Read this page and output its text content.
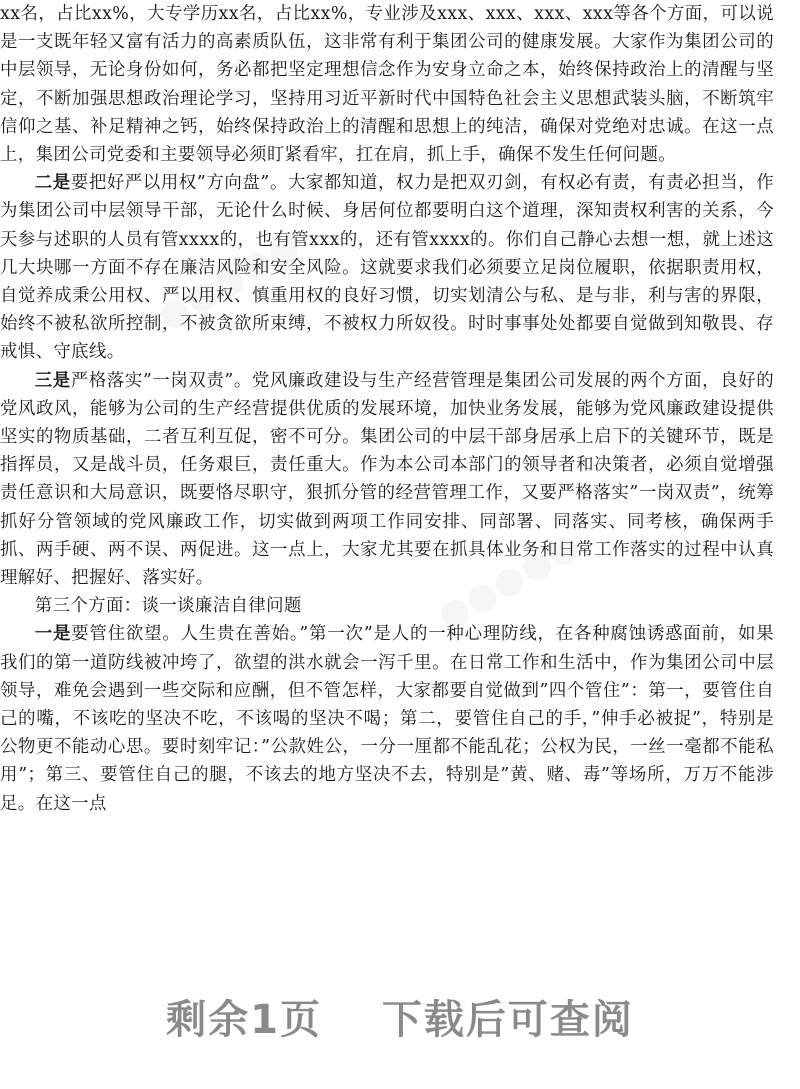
xx名，占比xx%，大专学历xx名，占比xx%，专业涉及xxx、xxx、xxx、xxx等各个方面，可以说是一支既年轻又富有活力的高素质队伍，这非常有利于集团公司的健康发展。大家作为集团公司的中层领导，无论身份如何，务必都把坚定理想信念作为安身立命之本，始终保持政治上的清醒与坚定，不断加强思想政治理论学习，坚持用习近平新时代中国特色社会主义思想武装头脑，不断筑牢信仰之基、补足精神之钙，始终保持政治上的清醒和思想上的纯洁，确保对党绝对忠诚。在这一点上，集团公司党委和主要领导必须盯紧看牢，扛在肩，抓上手，确保不发生任何问题。

二是要把好严以用权”方向盘”。大家都知道，权力是把双刃剑，有权必有责，有责必担当，作为集团公司中层领导干部，无论什么时候、身居何位都要明白这个道理，深知责权利害的关系，今天参与述职的人员有管xxxx的，也有管xxx的，还有管xxxx的。你们自己静心去想一想，就上述这几大块哪一方面不存在廉洁风险和安全风险。这就要求我们必须要立足岗位履职，依据职责用权，自觉养成秉公用权、严以用权、慎重用权的良好习惯，切实划清公与私、是与非，利与害的界限，始终不被私欲所控制，不被贪欲所束缚，不被权力所奴役。时时事事处处都要自觉做到知敬畏、存戒惧、守底线。

三是严格落实”一岗双责”。党风廉政建设与生产经营管理是集团公司发展的两个方面，良好的党风政风，能够为公司的生产经营提供优质的发展环境，加快业务发展，能够为党风廉政建设提供坚实的物质基础，二者互利互促，密不可分。集团公司的中层干部身居承上启下的关键环节，既是指挥员，又是战斗员，任务艰巨，责任重大。作为本公司本部门的领导者和决策者，必须自觉增强责任意识和大局意识，既要恪尽职守，狠抓分管的经营管理工作，又要严格落实”一岗双责”，统筹抓好分管领域的党风廉政工作，切实做到两项工作同安排、同部署、同落实、同考核，确保两手抓、两手硬、两不误、两促进。这一点上，大家尤其要在抓具体业务和日常工作落实的过程中认真理解好、把握好、落实好。

第三个方面：谈一谈廉洁自律问题

一是要管住欲望。人生贵在善始。”第一次”是人的一种心理防线，在各种腐蚀诱惑面前，如果我们的第一道防线被冲垮了，欲望的洪水就会一泻千里。在日常工作和生活中，作为集团公司中层领导，难免会遇到一些交际和应酬，但不管怎样，大家都要自觉做到”四个管住”：第一，要管住自己的嘴，不该吃的坚决不吃，不该喝的坚决不喝；第二，要管住自己的手，”伸手必被捉”，特别是公物更不能动心思。要时刻牢记：”公款姓公，一分一厘都不能乱花；公权为民，一丝一毫都不能私用”；第三、要管住自己的腿，不该去的地方坚决不去，特别是”黄、赌、毒”等场所，万万不能涉足。在这一点

剩余1页 下载后可查阅
